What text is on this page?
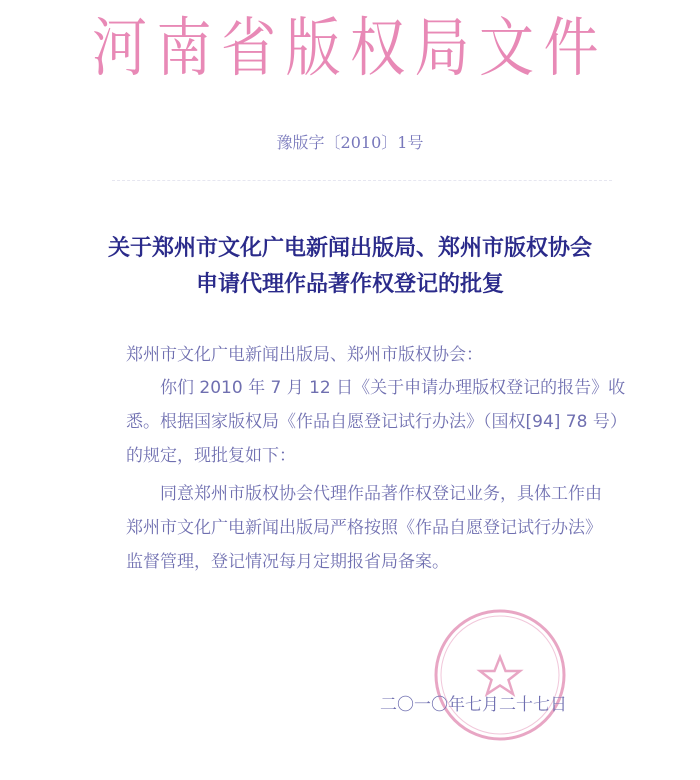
河南省版权局文件
豫版字〔2010〕1号
关于郑州市文化广电新闻出版局、郑州市版权协会
申请代理作品著作权登记的批复
郑州市文化广电新闻出版局、郑州市版权协会：
你们 2010 年 7 月 12 日《关于申请办理版权登记的报告》收
悉。根据国家版权局《作品自愿登记试行办法》（国权[94] 78 号）
的规定，现批复如下：
同意郑州市版权协会代理作品著作权登记业务，具体工作由
郑州市文化广电新闻出版局严格按照《作品自愿登记试行办法》
监督管理，登记情况每月定期报省局备案。
二〇一〇年七月二十七日
